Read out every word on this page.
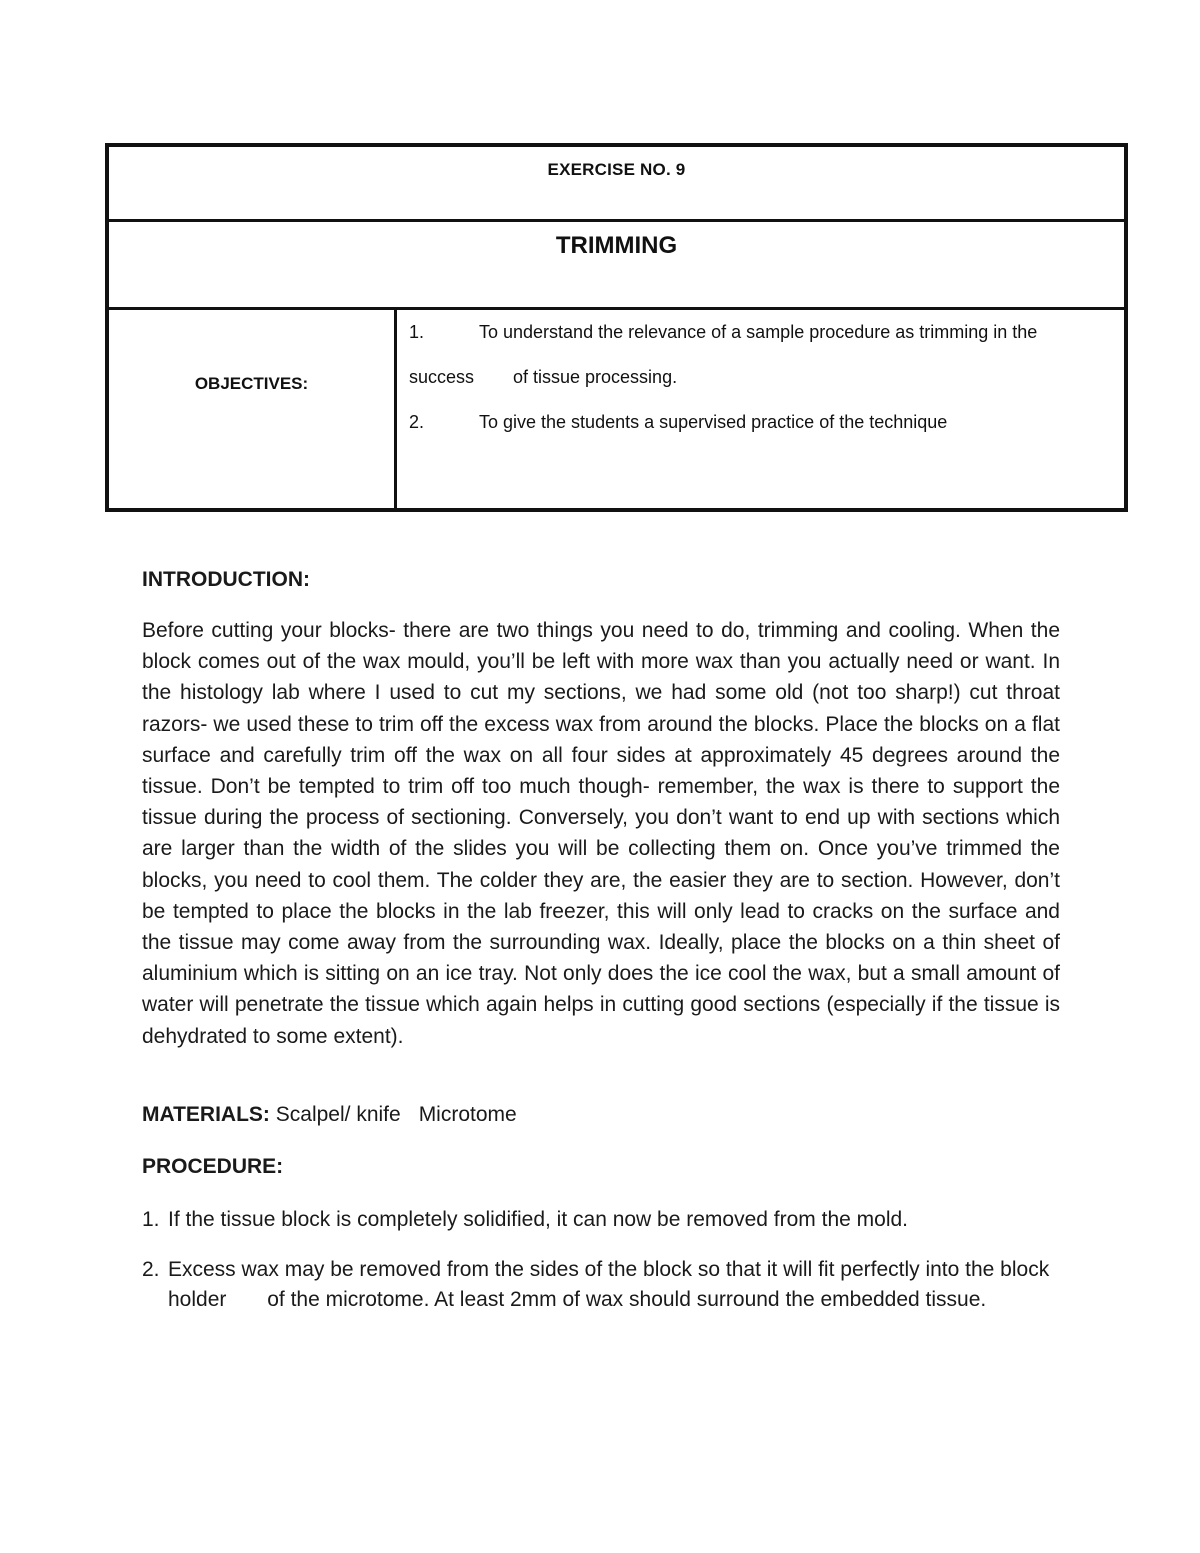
EXERCISE NO. 9
TRIMMING
OBJECTIVES:
1.	To understand the relevance of a sample procedure as trimming in the
success of tissue processing.
2.	To give the students a supervised practice of the technique
INTRODUCTION:
Before cutting your blocks- there are two things you need to do, trimming and cooling. When the block comes out of the wax mould, you’ll be left with more wax than you actually need or want. In the histology lab where I used to cut my sections, we had some old (not too sharp!) cut throat razors- we used these to trim off the excess wax from around the blocks. Place the blocks on a flat surface and carefully trim off the wax on all four sides at approximately 45 degrees around the tissue. Don’t be tempted to trim off too much though- remember, the wax is there to support the tissue during the process of sectioning. Conversely, you don’t want to end up with sections which are larger than the width of the slides you will be collecting them on. Once you’ve trimmed the blocks, you need to cool them. The colder they are, the easier they are to section. However, don’t be tempted to place the blocks in the lab freezer, this will only lead to cracks on the surface and the tissue may come away from the surrounding wax. Ideally, place the blocks on a thin sheet of aluminium which is sitting on an ice tray. Not only does the ice cool the wax, but a small amount of water will penetrate the tissue which again helps in cutting good sections (especially if the tissue is dehydrated to some extent).
MATERIALS: Scalpel/ knife Microtome
PROCEDURE:
1. If the tissue block is completely solidified, it can now be removed from the mold.
2. Excess wax may be removed from the sides of the block so that it will fit perfectly into the block holder       of the microtome. At least 2mm of wax should surround the embedded tissue.
